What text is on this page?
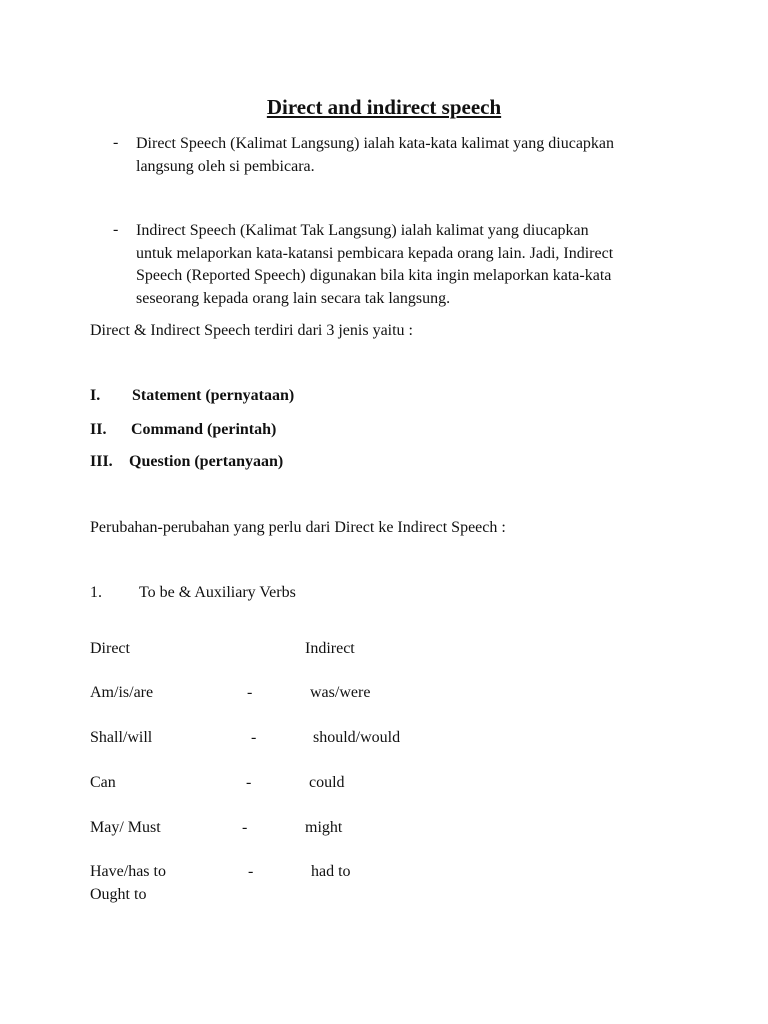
Direct and indirect speech
- Direct Speech (Kalimat Langsung) ialah kata-kata kalimat yang diucapkan
langsung oleh si pembicara.
- Indirect Speech (Kalimat Tak Langsung) ialah kalimat yang diucapkan
untuk melaporkan kata-katansi pembicara kepada orang lain. Jadi, Indirect
Speech (Reported Speech) digunakan bila kita ingin melaporkan kata-kata
seseorang kepada orang lain secara tak langsung.
Direct & Indirect Speech terdiri dari 3 jenis yaitu :
I. Statement (pernyataan)
II. Command (perintah)
III. Question (pertanyaan)
Perubahan-perubahan yang perlu dari Direct ke Indirect Speech :
1. To be & Auxiliary Verbs
Direct	Indirect
Am/is/are	-	was/were
Shall/will	-	should/would
Can	-	could
May/ Must	-	might
Have/has to	-	had to
Ought to
